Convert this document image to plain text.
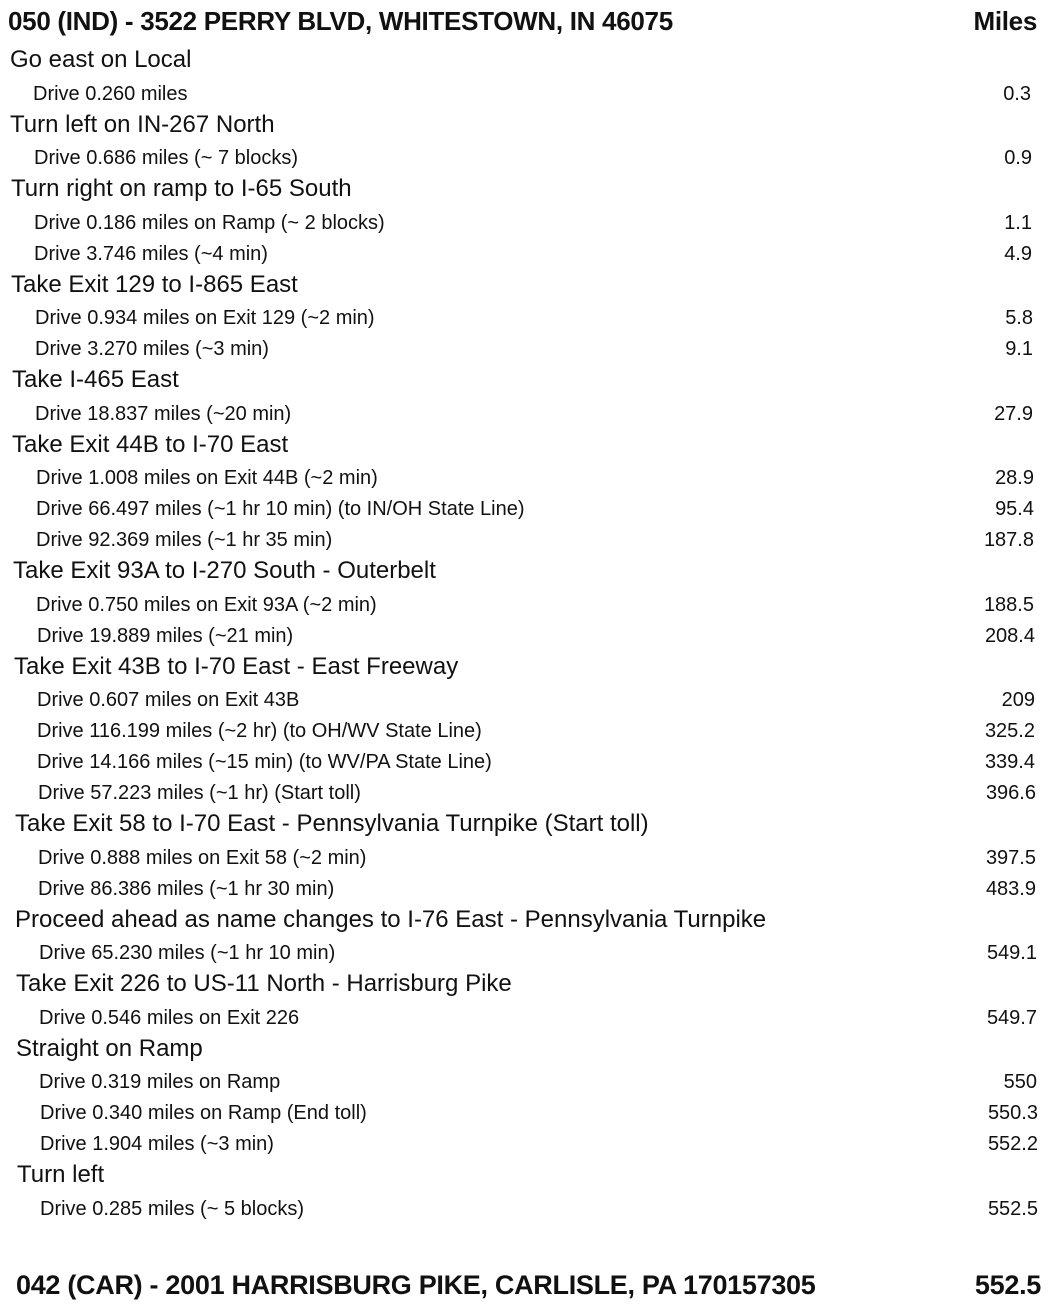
050 (IND) - 3522 PERRY BLVD, WHITESTOWN, IN 46075	Miles
Go east on Local
Drive 0.260 miles	0.3
Turn left on IN-267 North
Drive 0.686 miles (~ 7 blocks)	0.9
Turn right on ramp to I-65 South
Drive 0.186 miles on Ramp (~ 2 blocks)	1.1
Drive 3.746 miles (~4 min)	4.9
Take Exit 129 to I-865 East
Drive 0.934 miles on Exit 129 (~2 min)	5.8
Drive 3.270 miles (~3 min)	9.1
Take I-465 East
Drive 18.837 miles (~20 min)	27.9
Take Exit 44B to I-70 East
Drive 1.008 miles on Exit 44B (~2 min)	28.9
Drive 66.497 miles (~1 hr 10 min) (to IN/OH State Line)	95.4
Drive 92.369 miles (~1 hr 35 min)	187.8
Take Exit 93A to I-270 South - Outerbelt
Drive 0.750 miles on Exit 93A (~2 min)	188.5
Drive 19.889 miles (~21 min)	208.4
Take Exit 43B to I-70 East - East Freeway
Drive 0.607 miles on Exit 43B	209
Drive 116.199 miles (~2 hr) (to OH/WV State Line)	325.2
Drive 14.166 miles (~15 min) (to WV/PA State Line)	339.4
Drive 57.223 miles (~1 hr) (Start toll)	396.6
Take Exit 58 to I-70 East - Pennsylvania Turnpike (Start toll)
Drive 0.888 miles on Exit 58 (~2 min)	397.5
Drive 86.386 miles (~1 hr 30 min)	483.9
Proceed ahead as name changes to I-76 East - Pennsylvania Turnpike
Drive 65.230 miles (~1 hr 10 min)	549.1
Take Exit 226 to US-11 North - Harrisburg Pike
Drive 0.546 miles on Exit 226	549.7
Straight on Ramp
Drive 0.319 miles on Ramp	550
Drive 0.340 miles on Ramp (End toll)	550.3
Drive 1.904 miles (~3 min)	552.2
Turn left
Drive 0.285 miles (~ 5 blocks)	552.5
042 (CAR) - 2001 HARRISBURG PIKE, CARLISLE, PA 170157305	552.5
